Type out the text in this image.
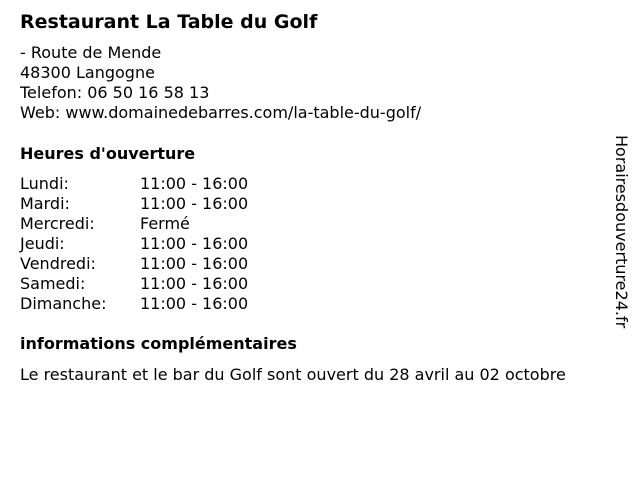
Restaurant La Table du Golf
- Route de Mende
48300 Langogne
Telefon: 06 50 16 58 13
Web: www.domainedebarres.com/la-table-du-golf/
Heures d'ouverture
Lundi:	11:00 - 16:00
Mardi:	11:00 - 16:00
Mercredi:	Fermé
Jeudi:	11:00 - 16:00
Vendredi:	11:00 - 16:00
Samedi:	11:00 - 16:00
Dimanche:	11:00 - 16:00
informations complémentaires
Le restaurant et le bar du Golf sont ouvert du 28 avril au 02 octobre
Horairesdouverture24.fr
